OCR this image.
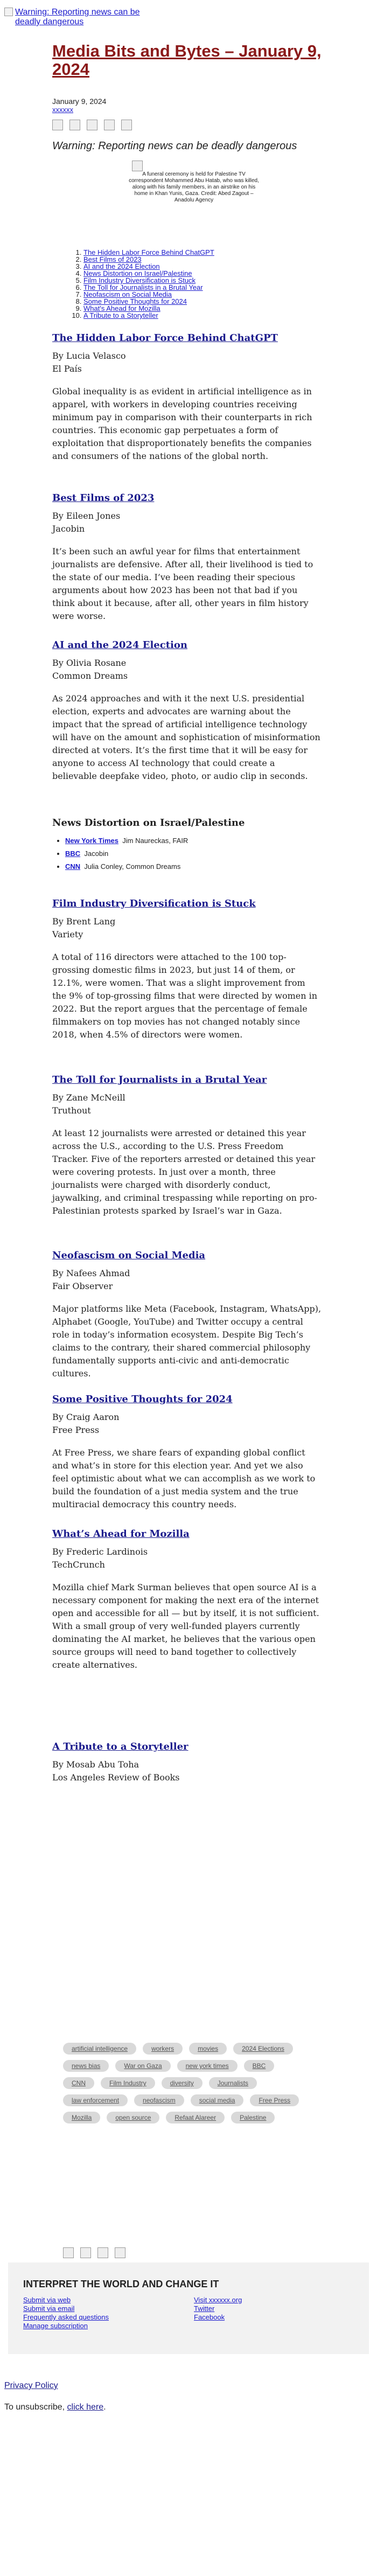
Warning: Reporting news can be deadly dangerous
Media Bits and Bytes – January 9, 2024
January 9, 2024
xxxxxx
Warning: Reporting news can be deadly dangerous
A funeral ceremony is held for Palestine TV correspondent Mohammed Abu Hatab, who was killed, along with his family members, in an airstrike on his home in Khan Yunis, Gaza. Credit: Abed Zagout – Anadolu Agency
1. The Hidden Labor Force Behind ChatGPT
2. Best Films of 2023
3. AI and the 2024 Election
4. News Distortion on Israel/Palestine
5. Film Industry Diversification is Stuck
6. The Toll for Journalists in a Brutal Year
7. Neofascism on Social Media
8. Some Positive Thoughts for 2024
9. What's Ahead for Mozilla
10. A Tribute to a Storyteller
The Hidden Labor Force Behind ChatGPT
By Lucia Velasco
El País

Global inequality is as evident in artificial intelligence as in apparel, with workers in developing countries receiving minimum pay in comparison with their counterparts in rich countries. This economic gap perpetuates a form of exploitation that disproportionately benefits the companies and consumers of the nations of the global north.

Best Films of 2023
By Eileen Jones
Jacobin

It’s been such an awful year for films that entertainment journalists are defensive. After all, their livelihood is tied to the state of our media. I’ve been reading their specious arguments about how 2023 has been not that bad if you think about it because, after all, other years in film history were worse.

AI and the 2024 Election
By Olivia Rosane
Common Dreams

As 2024 approaches and with it the next U.S. presidential election, experts and advocates are warning about the impact that the spread of artificial intelligence technology will have on the amount and sophistication of misinformation directed at voters. It’s the first time that it will be easy for anyone to access AI technology that could create a believable deepfake video, photo, or audio clip in seconds.

News Distortion on Israel/Palestine
• New York Times Jim Naureckas, FAIR
• BBC Jacobin
• CNN Julia Conley, Common Dreams
Film Industry Diversification is Stuck
By Brent Lang
Variety

A total of 116 directors were attached to the 100 top-grossing domestic films in 2023, but just 14 of them, or 12.1%, were women. That was a slight improvement from the 9% of top-grossing films that were directed by women in 2022. But the report argues that the percentage of female filmmakers on top movies has not changed notably since 2018, when 4.5% of directors were women.

The Toll for Journalists in a Brutal Year
By Zane McNeill
Truthout

At least 12 journalists were arrested or detained this year across the U.S., according to the U.S. Press Freedom Tracker. Five of the reporters arrested or detained this year were covering protests. In just over a month, three journalists were charged with disorderly conduct, jaywalking, and criminal trespassing while reporting on pro-Palestinian protests sparked by Israel’s war in Gaza.

Neofascism on Social Media
By Nafees Ahmad
Fair Observer

Major platforms like Meta (Facebook, Instagram, WhatsApp), Alphabet (Google, YouTube) and Twitter occupy a central role in today’s information ecosystem. Despite Big Tech’s claims to the contrary, their shared commercial philosophy fundamentally supports anti-civic and anti-democratic cultures.

Some Positive Thoughts for 2024
By Craig Aaron
Free Press

At Free Press, we share fears of expanding global conflict and what’s in store for this election year. And yet we also feel optimistic about what we can accomplish as we work to build the foundation of a just media system and the true multiracial democracy this country needs.

What’s Ahead for Mozilla
By Frederic Lardinois
TechCrunch

Mozilla chief Mark Surman believes that open source AI is a necessary component for making the next era of the internet open and accessible for all — but by itself, it is not sufficient. With a small group of very well-funded players currently dominating the AI market, he believes that the various open source groups will need to band together to collectively create alternatives.

A Tribute to a Storyteller
By Mosab Abu Toha
Los Angeles Review of Books

artificial intelligence	workers	movies	2024 Elections
news bias	War on Gaza	new york times	BBC
CNN	Film Industry	diversity	Journalists
law enforcement	neofascism	social media	Free Press
Mozilla	open source	Refaat Alareer	Palestine
INTERPRET THE WORLD AND CHANGE IT
Submit via web
Submit via email
Frequently asked questions
Manage subscription
Visit xxxxxx.org
Twitter
Facebook
Privacy Policy
To unsubscribe, click here.
